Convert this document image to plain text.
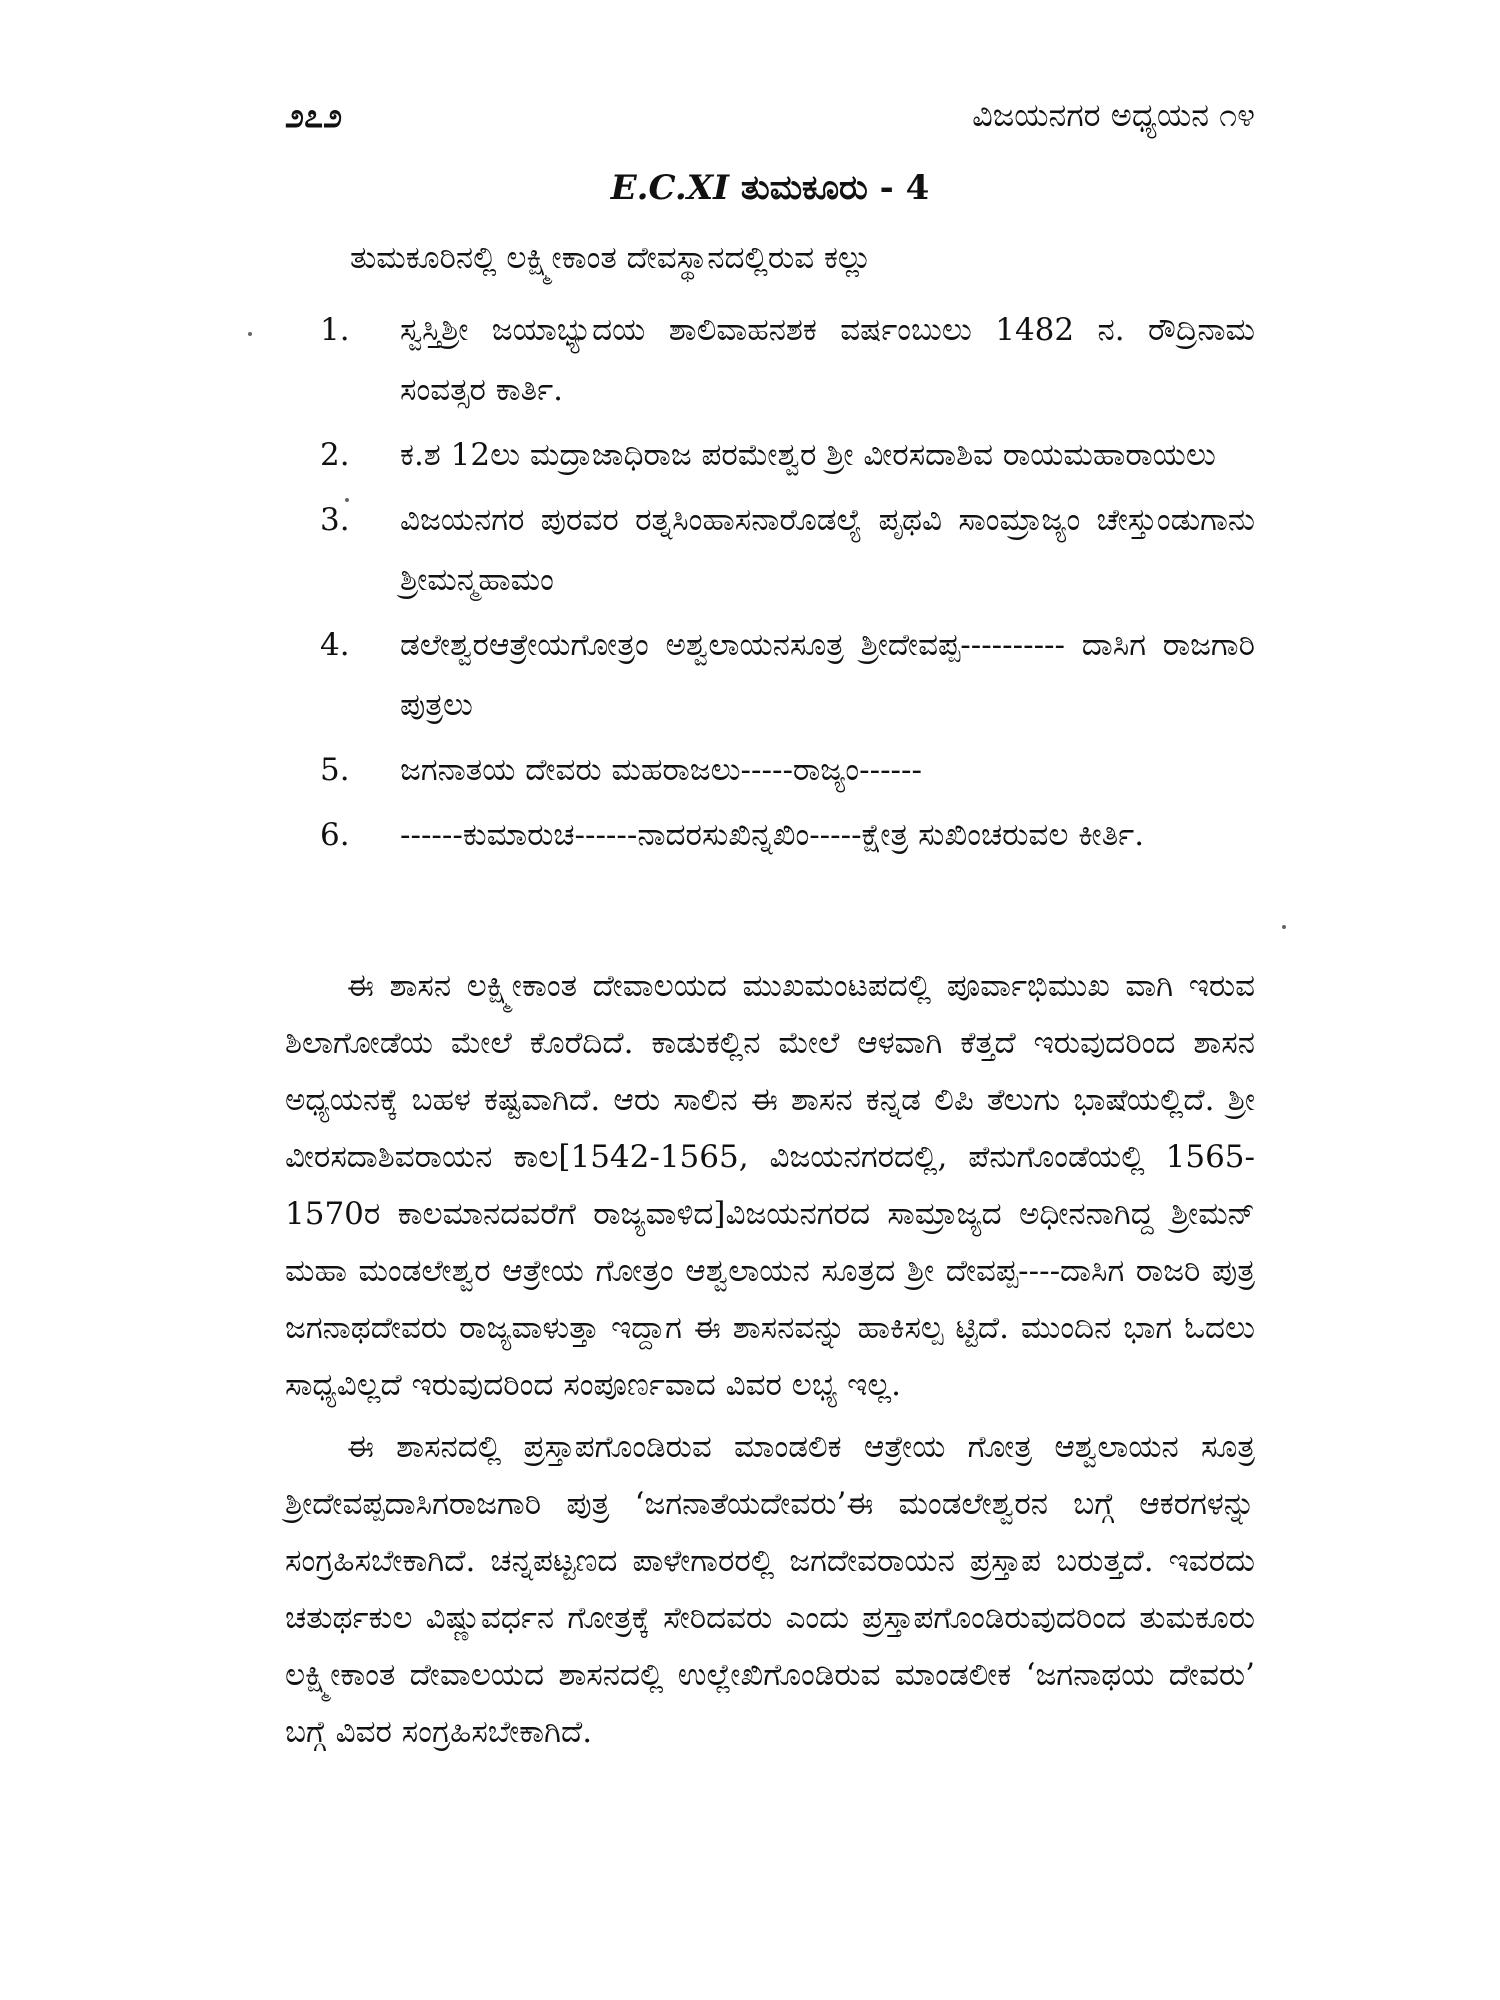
೨೭೨	ವಿಜಯನಗರ ಅಧ್ಯಯನ ೧೪
E.C.XI ತುಮಕೂರು - 4
ತುಮಕೂರಿನಲ್ಲಿ ಲಕ್ಷ್ಮೀಕಾಂತ ದೇವಸ್ಥಾನದಲ್ಲಿರುವ ಕಲ್ಲು
1.	ಸ್ವಸ್ತಿಶ್ರೀ ಜಯಾಭ್ಯುದಯ ಶಾಲಿವಾಹನಶಕ ವರ್ಷಂಬುಲು 1482 ನ. ರೌದ್ರಿನಾಮ ಸಂವತ್ಸರ ಕಾರ್ತಿ.
2.	ಕ.ಶ 12ಲು ಮದ್ರಾಜಾಧಿರಾಜ ಪರಮೇಶ್ವರ ಶ್ರೀ ವೀರಸದಾಶಿವ ರಾಯಮಹಾರಾಯಲು
3.	ವಿಜಯನಗರ ಪುರವರ ರತ್ನಸಿಂಹಾಸನಾರೊಡಲ್ಯೆ ಪೃಥವಿ ಸಾಂಮ್ರಾಜ್ಯಂ ಚೇಸ್ತುಂಡುಗಾನು ಶ್ರೀಮನ್ಮಹಾಮಂ
4.	ಡಲೇಶ್ವರಆತ್ರೇಯಗೋತ್ರಂ ಅಶ್ವಲಾಯನಸೂತ್ರ ಶ್ರೀದೇವಪ್ಪ---------- ದಾಸಿಗ ರಾಜಗಾರಿ ಪುತ್ರಲು
5.	ಜಗನಾತಯ ದೇವರು ಮಹರಾಜಲು-----ರಾಜ್ಯಂ------
6.	------ಕುಮಾರುಚ------ನಾದರಸುಖಿನ್ನಖಿಂ-----ಕ್ಷೇತ್ರ ಸುಖಿಂಚರುವಲ ಕೀರ್ತಿ.

ಈ ಶಾಸನ ಲಕ್ಷ್ಮೀಕಾಂತ ದೇವಾಲಯದ ಮುಖಮಂಟಪದಲ್ಲಿ ಪೂರ್ವಾಭಿಮುಖ ವಾಗಿ ಇರುವ ಶಿಲಾಗೋಡೆಯ ಮೇಲೆ ಕೊರೆದಿದೆ. ಕಾಡುಕಲ್ಲಿನ ಮೇಲೆ ಆಳವಾಗಿ ಕೆತ್ತದೆ ಇರುವುದರಿಂದ ಶಾಸನ ಅಧ್ಯಯನಕ್ಕೆ ಬಹಳ ಕಷ್ಟವಾಗಿದೆ. ಆರು ಸಾಲಿನ ಈ ಶಾಸನ ಕನ್ನಡ ಲಿಪಿ ತೆಲುಗು ಭಾಷೆಯಲ್ಲಿದೆ. ಶ್ರೀ ವೀರಸದಾಶಿವರಾಯನ ಕಾಲ[1542-1565, ವಿಜಯನಗರದಲ್ಲಿ, ಪೆನುಗೊಂಡೆಯಲ್ಲಿ 1565-1570ರ ಕಾಲಮಾನದವರೆಗೆ ರಾಜ್ಯವಾಳಿದ]ವಿಜಯನಗರದ ಸಾಮ್ರಾಜ್ಯದ ಅಧೀನನಾಗಿದ್ದ ಶ್ರೀಮನ್ ಮಹಾ ಮಂಡಲೇಶ್ವರ ಆತ್ರೇಯ ಗೋತ್ರಂ ಆಶ್ವಲಾಯನ ಸೂತ್ರದ ಶ್ರೀ ದೇವಪ್ಪ----ದಾಸಿಗ ರಾಜರಿ ಪುತ್ರ ಜಗನಾಥದೇವರು ರಾಜ್ಯವಾಳುತ್ತಾ ಇದ್ದಾಗ ಈ ಶಾಸನವನ್ನು ಹಾಕಿಸಲ್ಪ ಟ್ಟಿದೆ. ಮುಂದಿನ ಭಾಗ ಓದಲು ಸಾಧ್ಯವಿಲ್ಲದೆ ಇರುವುದರಿಂದ ಸಂಪೂರ್ಣವಾದ ವಿವರ ಲಭ್ಯ ಇಲ್ಲ.

ಈ ಶಾಸನದಲ್ಲಿ ಪ್ರಸ್ತಾಪಗೊಂಡಿರುವ ಮಾಂಡಲಿಕ ಆತ್ರೇಯ ಗೋತ್ರ ಆಶ್ವಲಾಯನ ಸೂತ್ರ ಶ್ರೀದೇವಪ್ಪದಾಸಿಗರಾಜಗಾರಿ ಪುತ್ರ ‘ಜಗನಾತೆಯದೇವರು’ಈ ಮಂಡಲೇಶ್ವರನ ಬಗ್ಗೆ ಆಕರಗಳನ್ನು ಸಂಗ್ರಹಿಸಬೇಕಾಗಿದೆ. ಚನ್ನಪಟ್ಟಣದ ಪಾಳೇಗಾರರಲ್ಲಿ ಜಗದೇವರಾಯನ ಪ್ರಸ್ತಾಪ ಬರುತ್ತದೆ. ಇವರದು ಚತುರ್ಥಕುಲ ವಿಷ್ಣುವರ್ಧನ ಗೋತ್ರಕ್ಕೆ ಸೇರಿದವರು ಎಂದು ಪ್ರಸ್ತಾಪಗೊಂಡಿರುವುದರಿಂದ ತುಮಕೂರು ಲಕ್ಷ್ಮೀಕಾಂತ ದೇವಾಲಯದ ಶಾಸನದಲ್ಲಿ ಉಲ್ಲೇಖಿಗೊಂಡಿರುವ ಮಾಂಡಲೀಕ ‘ಜಗನಾಥಯ ದೇವರು’ ಬಗ್ಗೆ ವಿವರ ಸಂಗ್ರಹಿಸಬೇಕಾಗಿದೆ.
